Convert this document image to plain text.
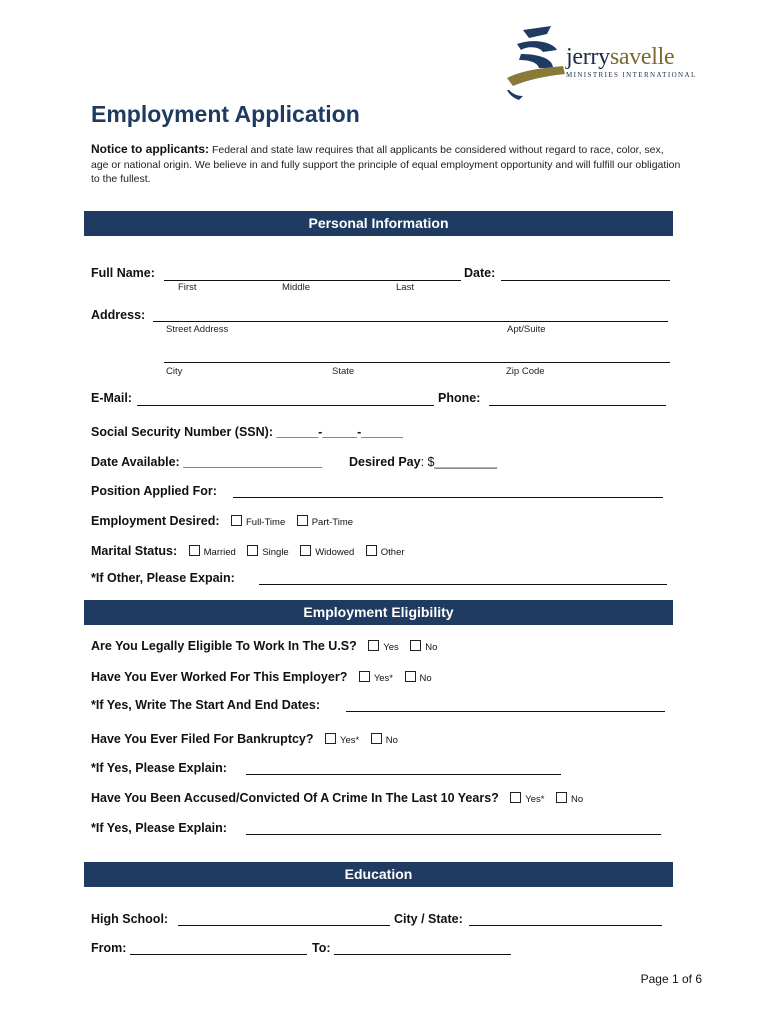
jerrysavelle
MINISTRIES INTERNATIONAL
Employment Application
Notice to applicants: Federal and state law requires that all applicants be considered without regard to race, color, sex, age or national origin. We believe in and fully support the principle of equal employment opportunity and will fulfill our obligation to the fullest.
Personal Information
Full Name:
First	Middle	Last
Date:
Address:
Street Address	Apt/Suite
City	State	Zip Code
E-Mail:	Phone:
Social Security Number (SSN): ______-_____-______
Date Available: ____________________ Desired Pay: $_________
Position Applied For:
Employment Desired:	Full-Time	Part-Time
Marital Status:	Married	Single	Widowed	Other
*If Other, Please Expain:
Employment Eligibility
Are You Legally Eligible To Work In The U.S?	Yes	No
Have You Ever Worked For This Employer?	Yes*	No
*If Yes, Write The Start And End Dates:
Have You Ever Filed For Bankruptcy?	Yes*	No
*If Yes, Please Explain:
Have You Been Accused/Convicted Of A Crime In The Last 10 Years?	Yes*	No
*If Yes, Please Explain:
Education
High School:	City / State:
From:	To:
Page 1 of 6
